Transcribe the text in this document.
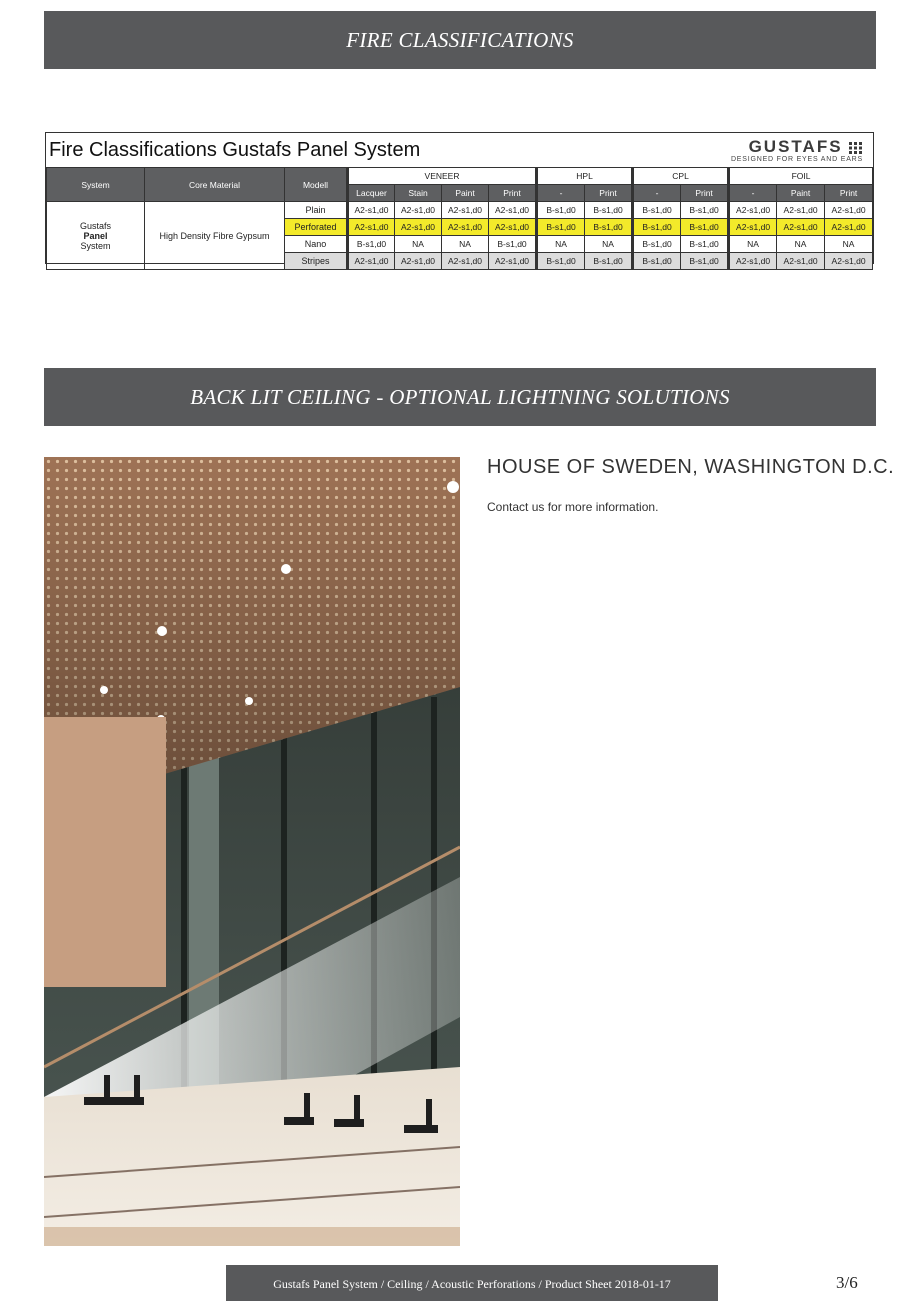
FIRE CLASSIFICATIONS
Fire Classifications Gustafs Panel System	GUSTAFS
DESIGNED FOR EYES AND EARS
System	Core Material	Modell	VENEER				HPL		CPL		FOIL		
			Lacquer	Stain	Paint	Print	-	Print	-	Print	-	Paint	Print

Gustafs
Panel
System	High Density Fibre Gypsum	Plain	A2-s1,d0	A2-s1,d0	A2-s1,d0	A2-s1,d0	B-s1,d0	B-s1,d0	B-s1,d0	B-s1,d0	A2-s1,d0	A2-s1,d0	A2-s1,d0
		Perforated	A2-s1,d0	A2-s1,d0	A2-s1,d0	A2-s1,d0	B-s1,d0	B-s1,d0	B-s1,d0	B-s1,d0	A2-s1,d0	A2-s1,d0	A2-s1,d0
		Nano	B-s1,d0	NA	NA	B-s1,d0	NA	NA	B-s1,d0	B-s1,d0	NA	NA	NA
		Stripes	A2-s1,d0	A2-s1,d0	A2-s1,d0	A2-s1,d0	B-s1,d0	B-s1,d0	B-s1,d0	B-s1,d0	A2-s1,d0	A2-s1,d0	A2-s1,d0
BACK LIT CEILING - OPTIONAL LIGHTNING SOLUTIONS
HOUSE OF SWEDEN, WASHINGTON D.C.
Contact us for more information.
Gustafs Panel System / Ceiling / Acoustic Perforations / Product Sheet 2018-01-17	3/6
